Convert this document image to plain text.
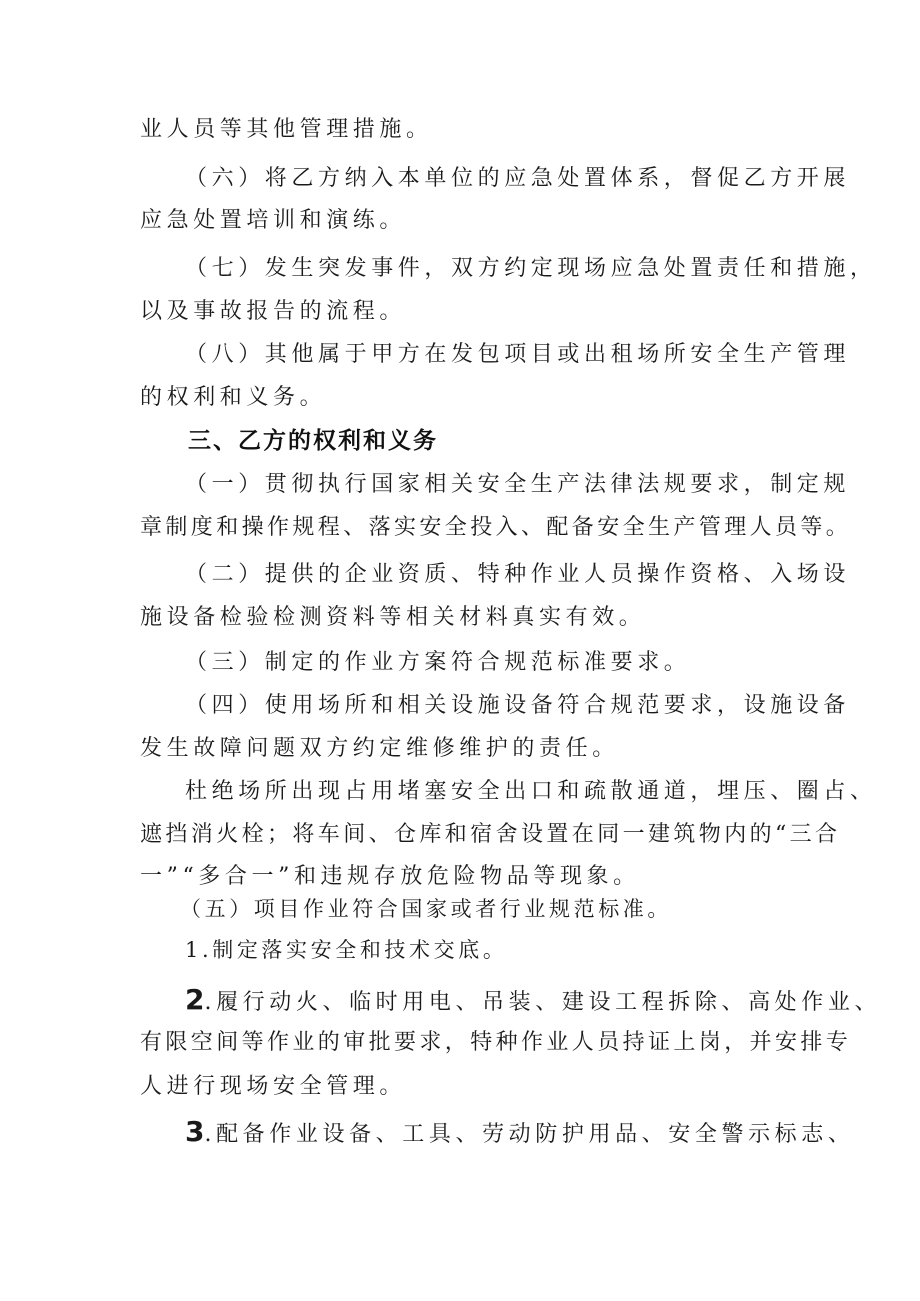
业人员等其他管理措施。

（六）将乙方纳入本单位的应急处置体系，督促乙方开展

应急处置培训和演练。

（七）发生突发事件，双方约定现场应急处置责任和措施，

以及事故报告的流程。

（八）其他属于甲方在发包项目或出租场所安全生产管理

的权利和义务。

三、乙方的权利和义务

（一）贯彻执行国家相关安全生产法律法规要求，制定规

章制度和操作规程、落实安全投入、配备安全生产管理人员等。

（二）提供的企业资质、特种作业人员操作资格、入场设

施设备检验检测资料等相关材料真实有效。

（三）制定的作业方案符合规范标准要求。

（四）使用场所和相关设施设备符合规范要求，设施设备

发生故障问题双方约定维修维护的责任。

杜绝场所出现占用堵塞安全出口和疏散通道，埋压、圈占、

遮挡消火栓；将车间、仓库和宿舍设置在同一建筑物内的“三合

一”“多合一”和违规存放危险物品等现象。

（五）项目作业符合国家或者行业规范标准。

1.制定落实安全和技术交底。

2.履行动火、临时用电、吊装、建设工程拆除、高处作业、

有限空间等作业的审批要求，特种作业人员持证上岗，并安排专

人进行现场安全管理。

3.配备作业设备、工具、劳动防护用品、安全警示标志、
